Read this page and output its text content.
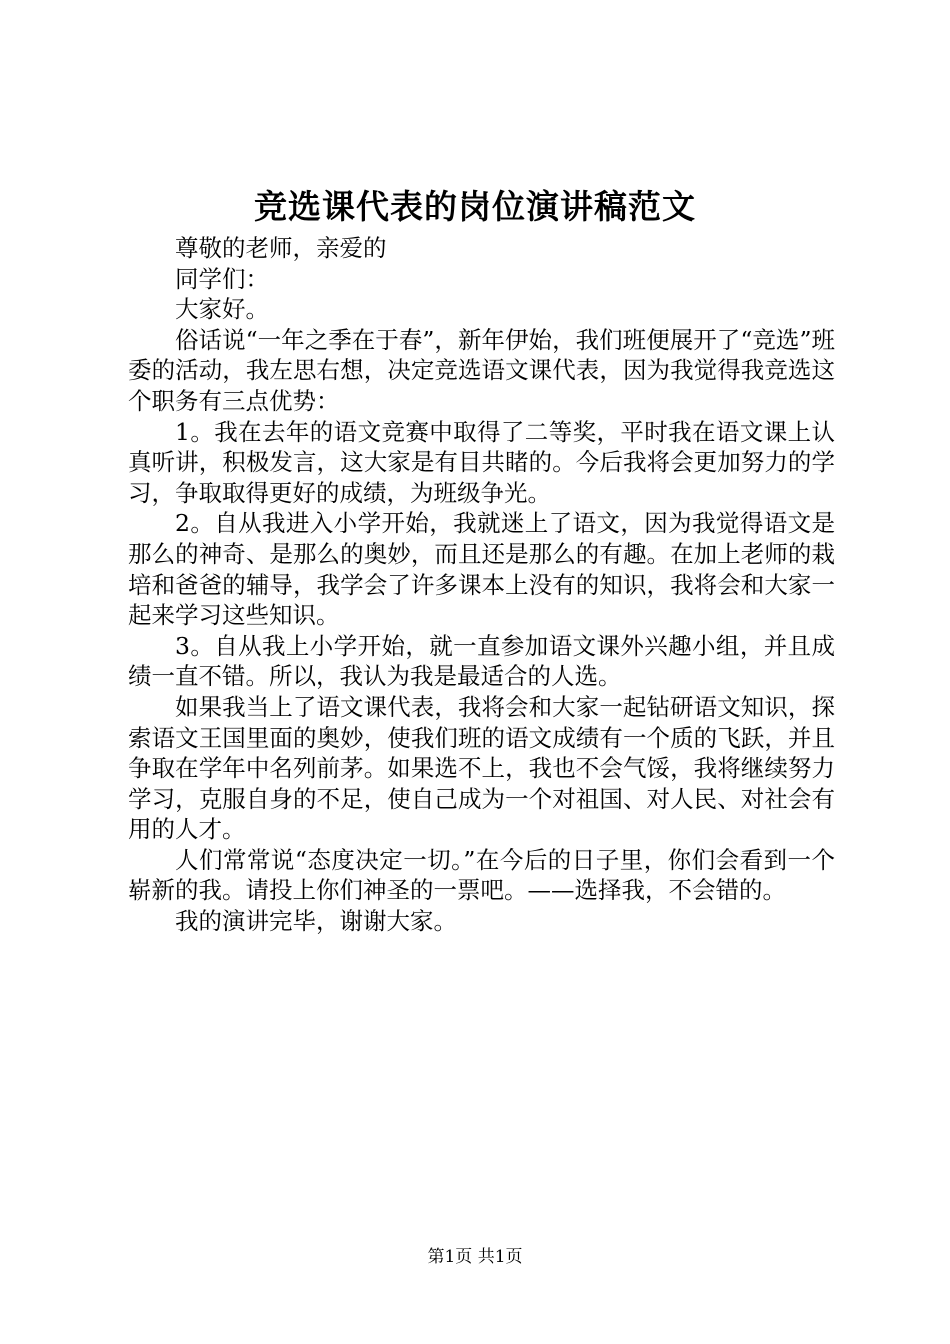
竞选课代表的岗位演讲稿范文

尊敬的老师，亲爱的

同学们：

大家好。

俗话说“一年之季在于春”，新年伊始，我们班便展开了“竞选”班委的活动，我左思右想，决定竞选语文课代表，因为我觉得我竞选这个职务有三点优势：

1。我在去年的语文竞赛中取得了二等奖，平时我在语文课上认真听讲，积极发言，这大家是有目共睹的。今后我将会更加努力的学习，争取取得更好的成绩，为班级争光。

2。自从我进入小学开始，我就迷上了语文，因为我觉得语文是那么的神奇、是那么的奥妙，而且还是那么的有趣。在加上老师的栽培和爸爸的辅导，我学会了许多课本上没有的知识，我将会和大家一起来学习这些知识。

3。自从我上小学开始，就一直参加语文课外兴趣小组，并且成绩一直不错。所以，我认为我是最适合的人选。

如果我当上了语文课代表，我将会和大家一起钻研语文知识，探索语文王国里面的奥妙，使我们班的语文成绩有一个质的飞跃，并且争取在学年中名列前茅。如果选不上，我也不会气馁，我将继续努力学习，克服自身的不足，使自己成为一个对祖国、对人民、对社会有用的人才。

人们常常说“态度决定一切。”在今后的日子里，你们会看到一个崭新的我。请投上你们神圣的一票吧。——选择我，不会错的。

我的演讲完毕，谢谢大家。

第1页 共1页
